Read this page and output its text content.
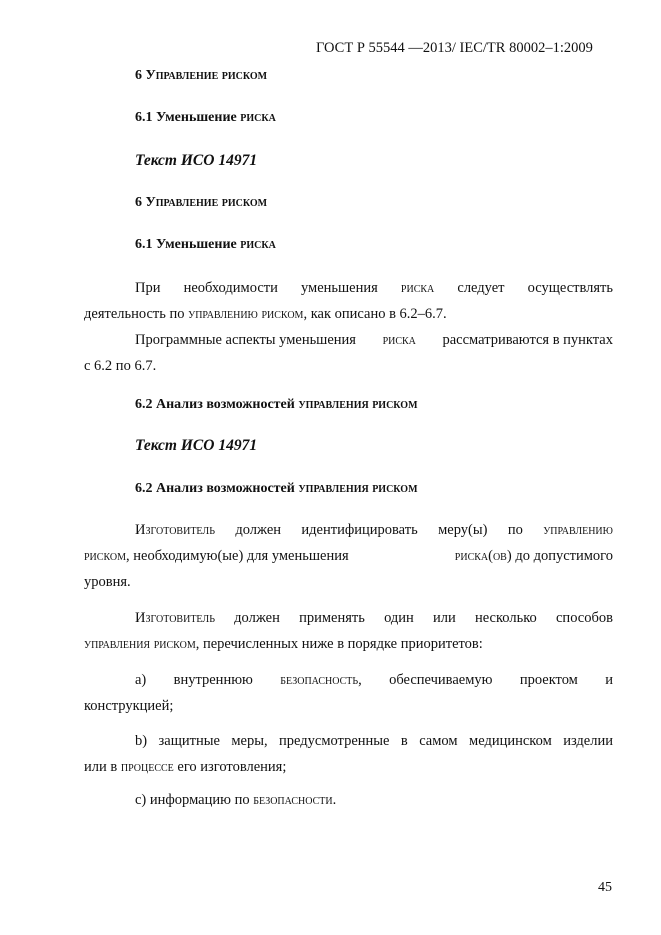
ГОСТ Р 55544 —2013/ IEC/TR 80002–1:2009
6 Управление риском
6.1 Уменьшение риска
Текст ИСО 14971
6 Управление риском
6.1 Уменьшение риска
При необходимости уменьшения риска следует осуществлять
деятельность по управлению риском, как описано в 6.2–6.7.
Программные аспекты уменьшения риска рассматриваются в пунктах
с 6.2 по 6.7.
6.2 Анализ возможностей управления риском
Текст ИСО 14971
6.2 Анализ возможностей управления риском
Изготовитель должен идентифицировать меру(ы) по управлению
риском, необходимую(ые) для уменьшения	риска(ов) до допустимого
уровня.
Изготовитель должен применять один или несколько способов
управления риском, перечисленных ниже в порядке приоритетов:
a) внутреннюю безопасность, обеспечиваемую проектом и
конструкцией;
b) защитные меры, предусмотренные в самом медицинском изделии
или в процессе его изготовления;
c) информацию по безопасности.
45
